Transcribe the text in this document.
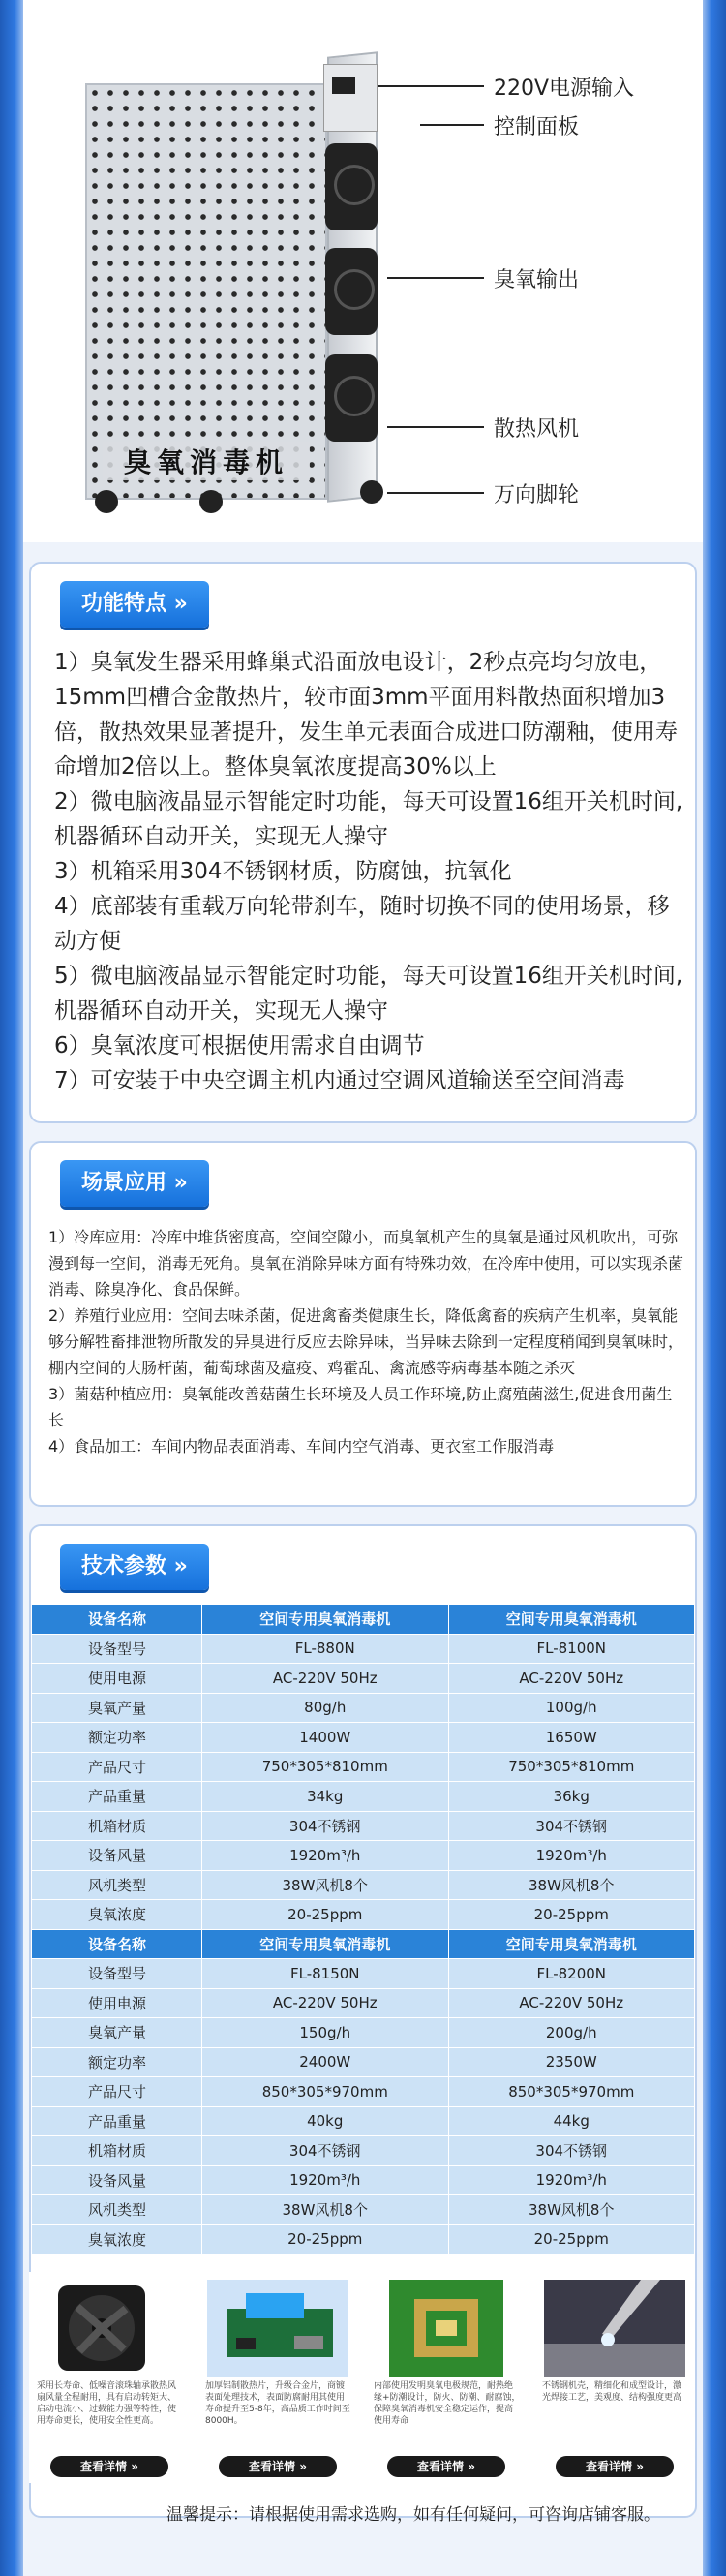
臭氧消毒机
220V电源输入
控制面板
臭氧输出
散热风机
万向脚轮
功能特点 »
1）臭氧发生器采用蜂巢式沿面放电设计，2秒点亮均匀放电，15mm凹槽合金散热片，较市面3mm平面用料散热面积增加3倍，散热效果显著提升，发生单元表面合成进口防潮釉，使用寿命增加2倍以上。整体臭氧浓度提高30%以上
2）微电脑液晶显示智能定时功能，每天可设置16组开关机时间,机器循环自动开关，实现无人操守
3）机箱采用304不锈钢材质，防腐蚀，抗氧化
4）底部装有重载万向轮带刹车，随时切换不同的使用场景，移动方便
5）微电脑液晶显示智能定时功能，每天可设置16组开关机时间,机器循环自动开关，实现无人操守
6）臭氧浓度可根据使用需求自由调节
7）可安装于中央空调主机内通过空调风道输送至空间消毒
场景应用 »

1）冷库应用：冷库中堆货密度高，空间空隙小，而臭氧机产生的臭氧是通过风机吹出，可弥漫到每一空间，消毒无死角。臭氧在消除异味方面有特殊功效，在冷库中使用，可以实现杀菌消毒、除臭净化、食品保鲜。

2）养殖行业应用：空间去味杀菌，促进禽畜类健康生长，降低禽畜的疾病产生机率，臭氧能够分解牲畜排泄物所散发的异臭进行反应去除异味，当异味去除到一定程度稍闻到臭氧味时，棚内空间的大肠杆菌，葡萄球菌及瘟疫、鸡霍乱、禽流感等病毒基本随之杀灭

3）菌菇种植应用：臭氧能改善菇菌生长环境及人员工作环境,防止腐殖菌滋生,促进食用菌生长

4）食品加工：车间内物品表面消毒、车间内空气消毒、更衣室工作服消毒

技术参数 »
设备名称	空间专用臭氧消毒机	空间专用臭氧消毒机
设备型号	FL-880N	FL-8100N
使用电源	AC-220V 50Hz	AC-220V 50Hz
臭氧产量	80g/h	100g/h
额定功率	1400W	1650W
产品尺寸	750*305*810mm	750*305*810mm
产品重量	34kg	36kg
机箱材质	304不锈钢	304不锈钢
设备风量	1920m³/h	1920m³/h
风机类型	38W风机8个	38W风机8个
臭氧浓度	20-25ppm	20-25ppm
设备名称	空间专用臭氧消毒机	空间专用臭氧消毒机
设备型号	FL-8150N	FL-8200N
使用电源	AC-220V 50Hz	AC-220V 50Hz
臭氧产量	150g/h	200g/h
额定功率	2400W	2350W
产品尺寸	850*305*970mm	850*305*970mm
产品重量	40kg	44kg
机箱材质	304不锈钢	304不锈钢
设备风量	1920m³/h	1920m³/h
风机类型	38W风机8个	38W风机8个
臭氧浓度	20-25ppm	20-25ppm
采用长寿命、低噪音滚珠轴承散热风扇风量全程耐用，具有启动转矩大、启动电流小、过载能力强等特性，使用寿命更长，使用安全性更高。
查看详情 »
加厚铝制散热片，升级合金片，商镀表面处理技术，表面防腐耐用其使用寿命提升至5-8年，高品质工作时间至8000H。
查看详情 »
内部使用发明臭氧电极规范，耐热绝缘+防潮设计，防火、防潮、耐腐蚀，保障臭氧消毒机安全稳定运作，提高使用寿命
查看详情 »
不锈钢机壳，精细化和成型设计，激光焊接工艺，美观度、结构强度更高
查看详情 »
温馨提示：请根据使用需求选购，如有任何疑问，可咨询店铺客服。
